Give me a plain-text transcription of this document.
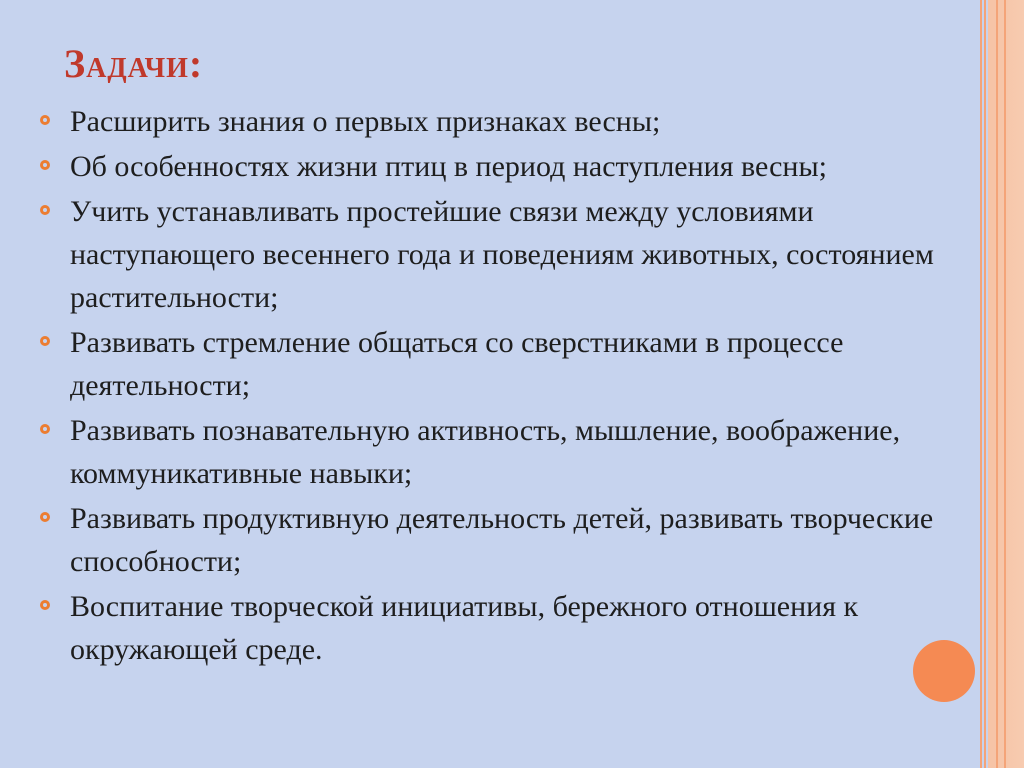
Задачи:
Расширить знания о первых признаках весны;
Об особенностях жизни птиц в период наступления весны;
Учить устанавливать простейшие связи между условиями наступающего весеннего года и поведениям животных, состоянием растительности;
Развивать стремление общаться со сверстниками в процессе деятельности;
Развивать познавательную активность, мышление, воображение, коммуникативные навыки;
Развивать продуктивную деятельность детей, развивать творческие способности;
Воспитание творческой инициативы, бережного отношения к окружающей среде.
